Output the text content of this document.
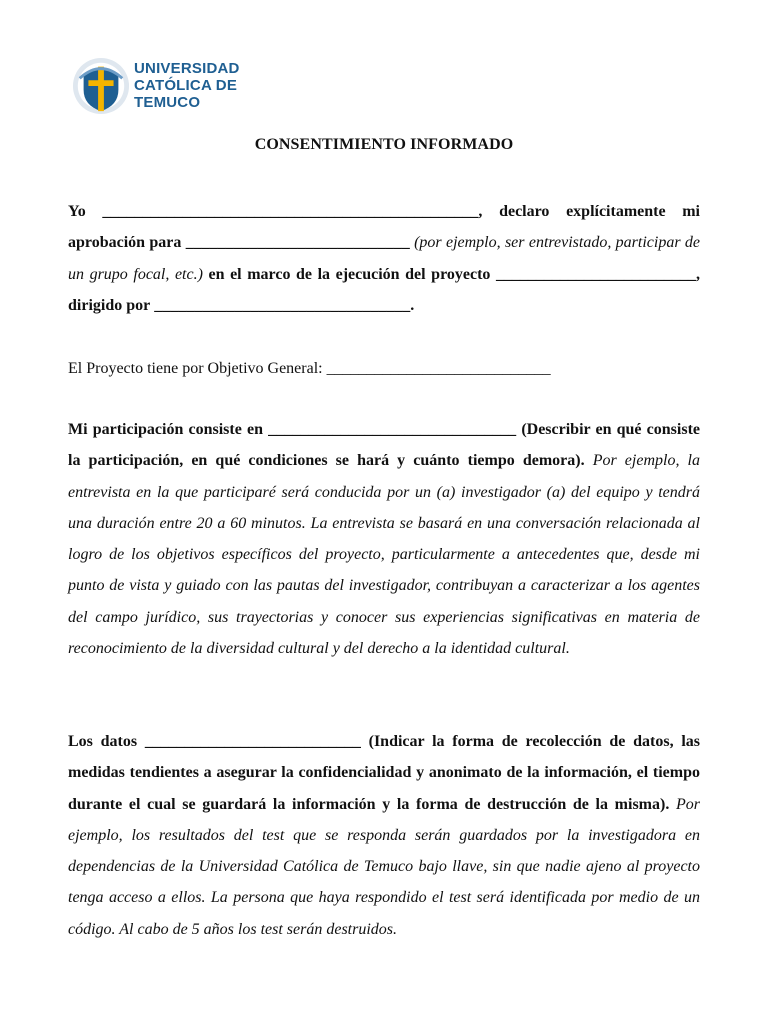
UNIVERSIDAD
CATÓLICA DE
TEMUCO
CONSENTIMIENTO INFORMADO
Yo _______________________________________________, declaro explícitamente mi aprobación para ____________________________ (por ejemplo, ser entrevistado, participar de un grupo focal, etc.) en el marco de la ejecución del proyecto _________________________, dirigido por ________________________________.
El Proyecto tiene por Objetivo General: ____________________________
Mi participación consiste en _______________________________ (Describir en qué consiste la participación, en qué condiciones se hará y cuánto tiempo demora). Por ejemplo, la entrevista en la que participaré será conducida por un (a) investigador (a) del equipo y tendrá una duración entre 20 a 60 minutos. La entrevista se basará en una conversación relacionada al logro de los objetivos específicos del proyecto, particularmente a antecedentes que, desde mi punto de vista y guiado con las pautas del investigador, contribuyan a caracterizar a los agentes del campo jurídico, sus trayectorias y conocer sus experiencias significativas en materia de reconocimiento de la diversidad cultural y del derecho a la identidad cultural.
Los datos ___________________________ (Indicar la forma de recolección de datos, las medidas tendientes a asegurar la confidencialidad y anonimato de la información, el tiempo durante el cual se guardará la información y la forma de destrucción de la misma). Por ejemplo, los resultados del test que se responda serán guardados por la investigadora en dependencias de la Universidad Católica de Temuco bajo llave, sin que nadie ajeno al proyecto tenga acceso a ellos. La persona que haya respondido el test será identificada por medio de un código. Al cabo de 5 años los test serán destruidos.
